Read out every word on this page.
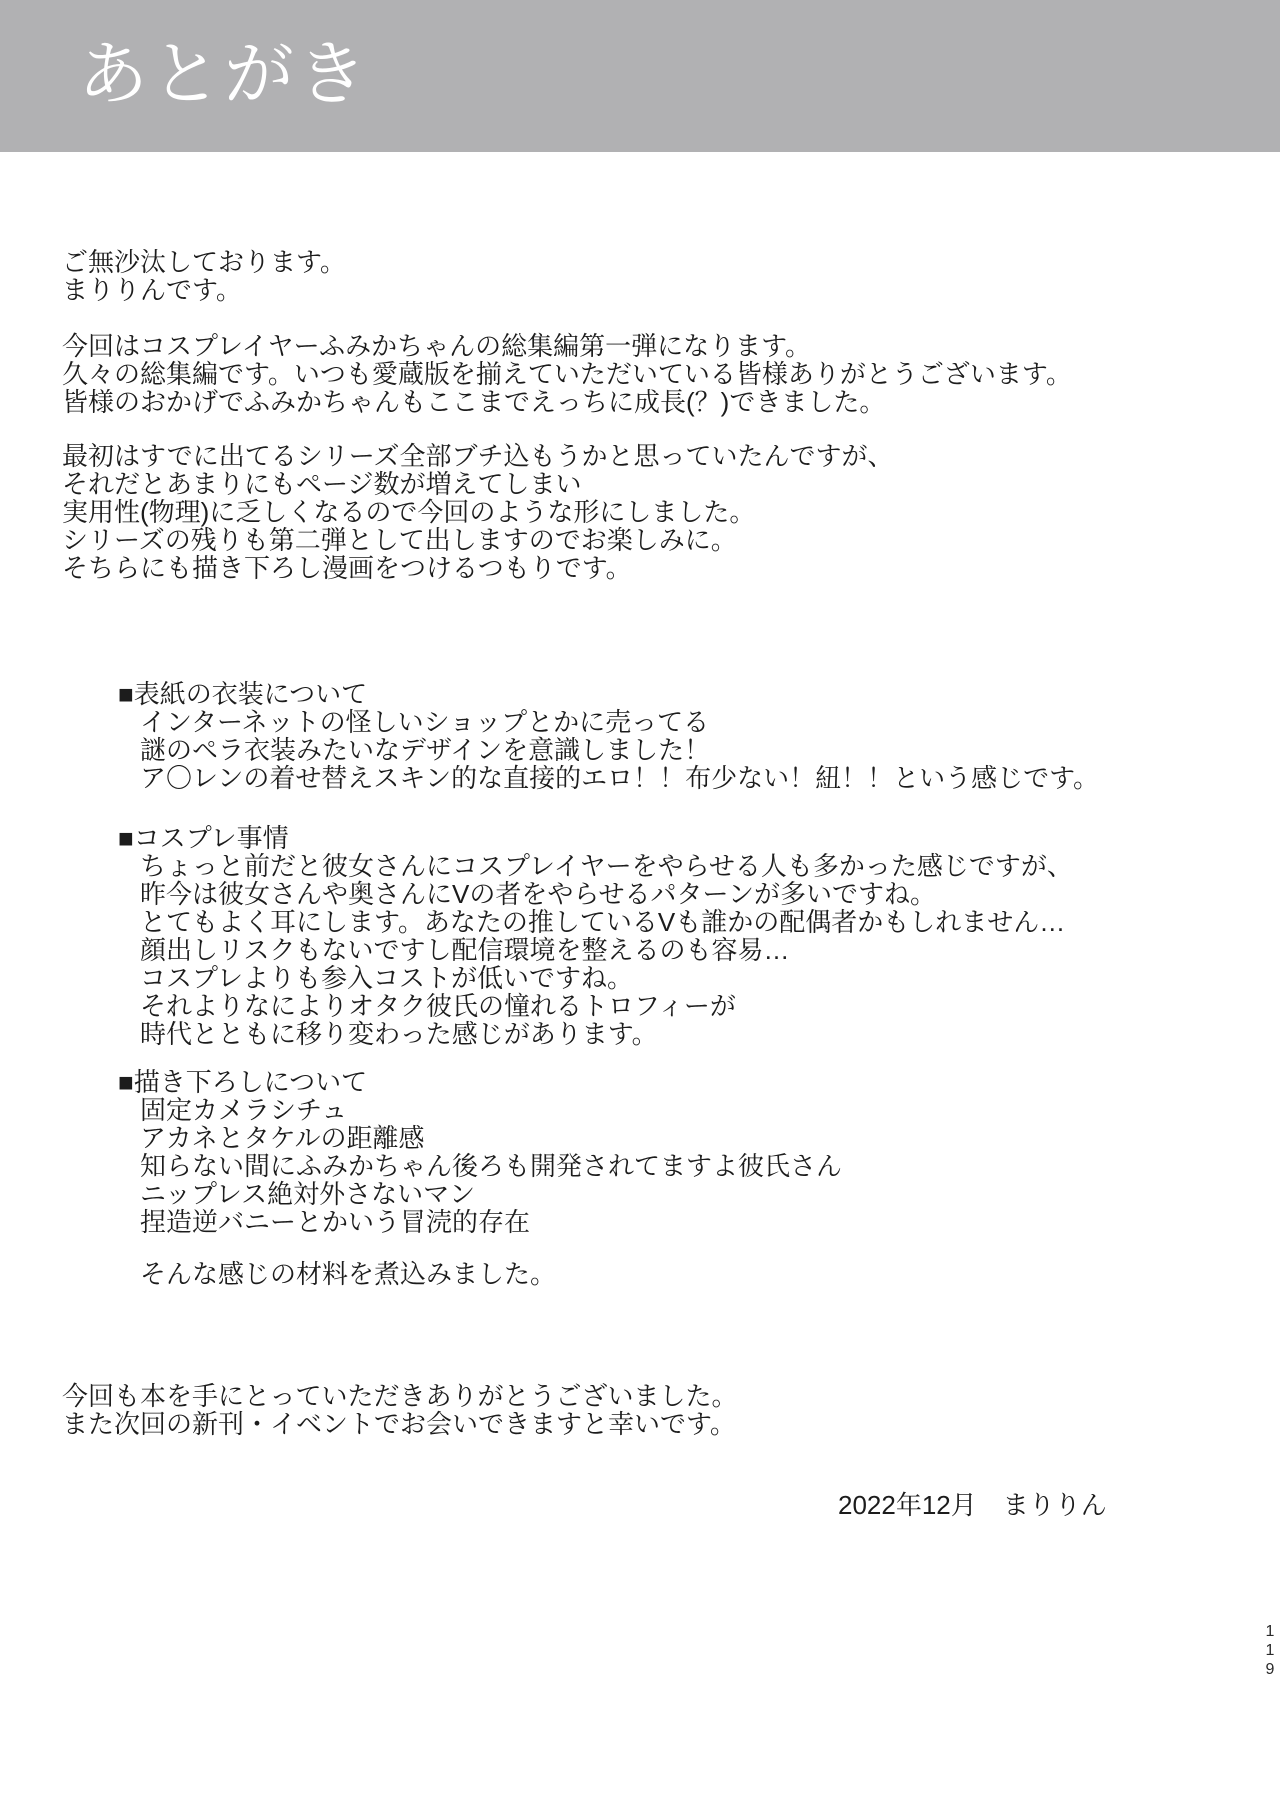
あとがき
ご無沙汰しております。
まりりんです。
今回はコスプレイヤーふみかちゃんの総集編第一弾になります。
久々の総集編です。いつも愛蔵版を揃えていただいている皆様ありがとうございます。
皆様のおかげでふみかちゃんもここまでえっちに成長(？)できました。
最初はすでに出てるシリーズ全部ブチ込もうかと思っていたんですが、
それだとあまりにもページ数が増えてしまい
実用性(物理)に乏しくなるので今回のような形にしました。
シリーズの残りも第二弾として出しますのでお楽しみに。
そちらにも描き下ろし漫画をつけるつもりです。
■表紙の衣装について
インターネットの怪しいショップとかに売ってる
謎のペラ衣装みたいなデザインを意識しました！
ア〇レンの着せ替えスキン的な直接的エロ！！布少ない！紐！！という感じです。
■コスプレ事情
ちょっと前だと彼女さんにコスプレイヤーをやらせる人も多かった感じですが、
昨今は彼女さんや奥さんにVの者をやらせるパターンが多いですね。
とてもよく耳にします。あなたの推しているVも誰かの配偶者かもしれません…
顔出しリスクもないですし配信環境を整えるのも容易…
コスプレよりも参入コストが低いですね。
それよりなによりオタク彼氏の憧れるトロフィーが
時代とともに移り変わった感じがあります。
■描き下ろしについて
固定カメラシチュ
アカネとタケルの距離感
知らない間にふみかちゃん後ろも開発されてますよ彼氏さん
ニップレス絶対外さないマン
捏造逆バニーとかいう冒涜的存在
そんな感じの材料を煮込みました。
今回も本を手にとっていただきありがとうございました。
また次回の新刊・イベントでお会いできますと幸いです。
2022年12月　まりりん
1
1
9
